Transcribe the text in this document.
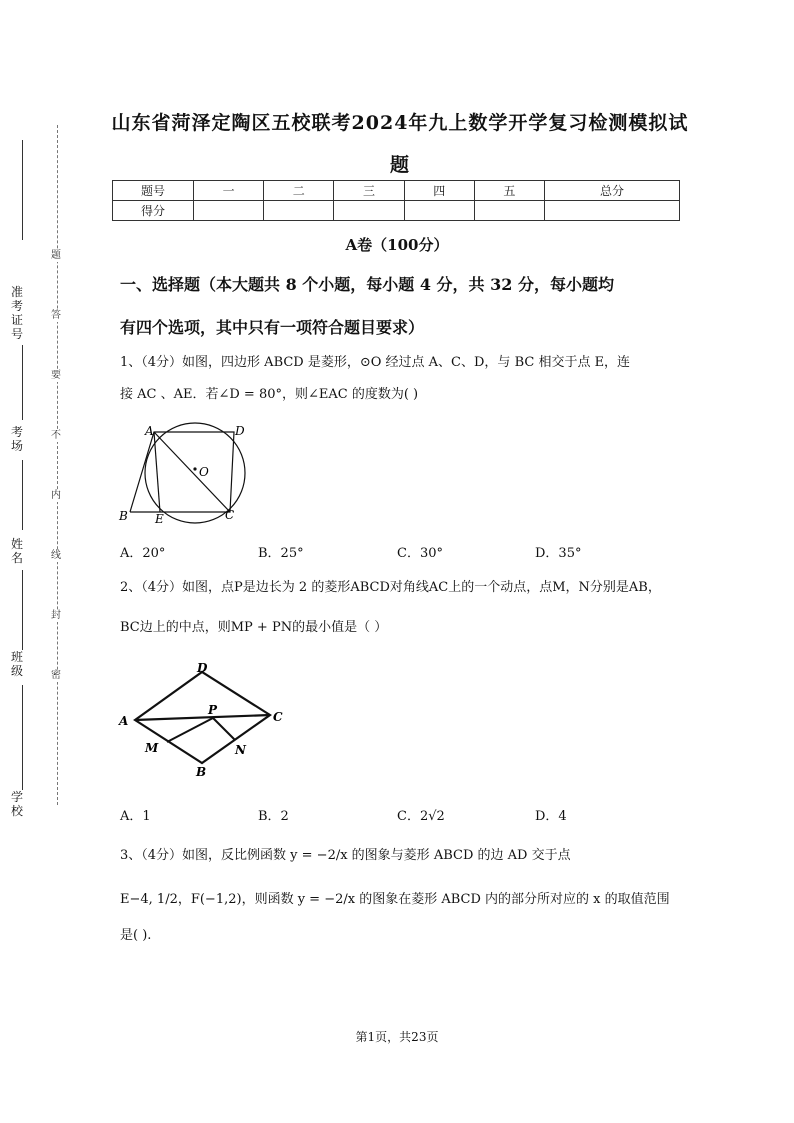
准考证号
考场
姓名
班级
学校
题
答
要
不
内
线
封
密
山东省菏泽定陶区五校联考2024年九上数学开学复习检测模拟试
题
题号	一	二	三	四	五	总分
得分						
A卷（100分）
一、选择题（本大题共 8 个小题，每小题 4 分，共 32 分，每小题均
有四个选项，其中只有一项符合题目要求）
1、（4分）如图，四边形 ABCD 是菱形，⊙O 经过点 A、C、D，与 BC 相交于点 E，连
接 AC 、AE．若∠D = 80°，则∠EAC 的度数为( )
A	D
O
B E	C
A．20°	B．25°	C．30°	D．35°
2、（4分）如图，点P是边长为 2 的菱形ABCD对角线AC上的一个动点，点M，N分别是AB，
BC边上的中点，则MP + PN的最小值是（ ）
D
A
P	C
M	N
B
A．1	B．2	C．2√2	D．4
3、（4分）如图，反比例函数 y = −2/x 的图象与菱形 ABCD 的边 AD 交于点
E−4, 1/2，F(−1,2)，则函数 y = −2/x 的图象在菱形 ABCD 内的部分所对应的 x 的取值范围
是( ).
第1页，共23页
